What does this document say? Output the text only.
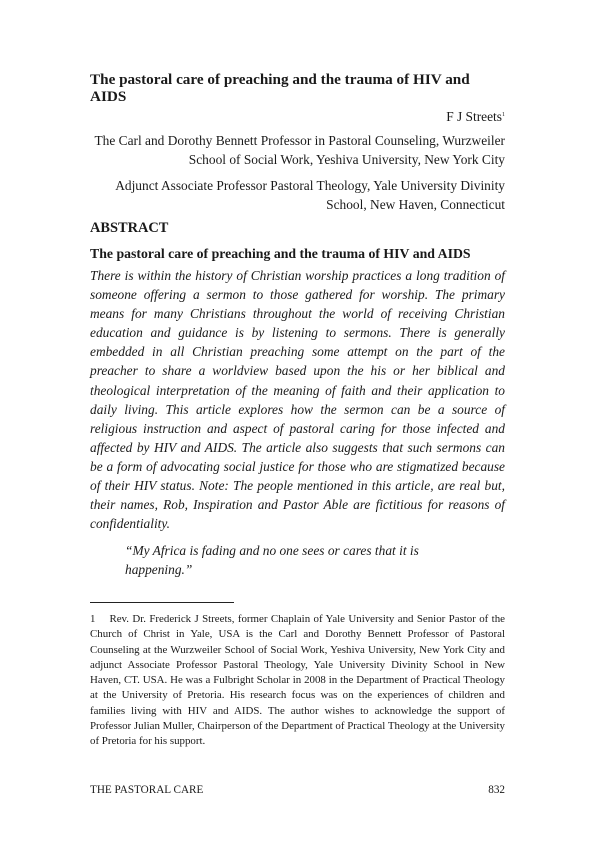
The pastoral care of preaching and the trauma of HIV and AIDS
F J Streets$^1$
The Carl and Dorothy Bennett Professor in Pastoral Counseling, Wurzweiler School of Social Work, Yeshiva University, New York City
Adjunct Associate Professor Pastoral Theology, Yale University Divinity School, New Haven, Connecticut
ABSTRACT
The pastoral care of preaching and the trauma of HIV and AIDS
There is within the history of Christian worship practices a long tradition of someone offering a sermon to those gathered for worship. The primary means for many Christians throughout the world of receiving Christian education and guidance is by listening to sermons. There is generally embedded in all Christian preaching some attempt on the part of the preacher to share a worldview based upon the his or her biblical and theological interpretation of the meaning of faith and their application to daily living. This article explores how the sermon can be a source of religious instruction and aspect of pastoral caring for those infected and affected by HIV and AIDS. The article also suggests that such sermons can be a form of advocating social justice for those who are stigmatized because of their HIV status. Note: The people mentioned in this article, are real but, their names, Rob, Inspiration and Pastor Able are fictitious for reasons of confidentiality.
“My Africa is fading and no one sees or cares that it is happening.”
1 Rev. Dr. Frederick J Streets, former Chaplain of Yale University and Senior Pastor of the Church of Christ in Yale, USA is the Carl and Dorothy Bennett Professor of Pastoral Counseling at the Wurzweiler School of Social Work, Yeshiva University, New York City and adjunct Associate Professor Pastoral Theology, Yale University Divinity School in New Haven, CT. USA. He was a Fulbright Scholar in 2008 in the Department of Practical Theology at the University of Pretoria. His research focus was on the experiences of children and families living with HIV and AIDS. The author wishes to acknowledge the support of Professor Julian Muller, Chairperson of the Department of Practical Theology at the University of Pretoria for his support.
THE PASTORAL CARE	832
